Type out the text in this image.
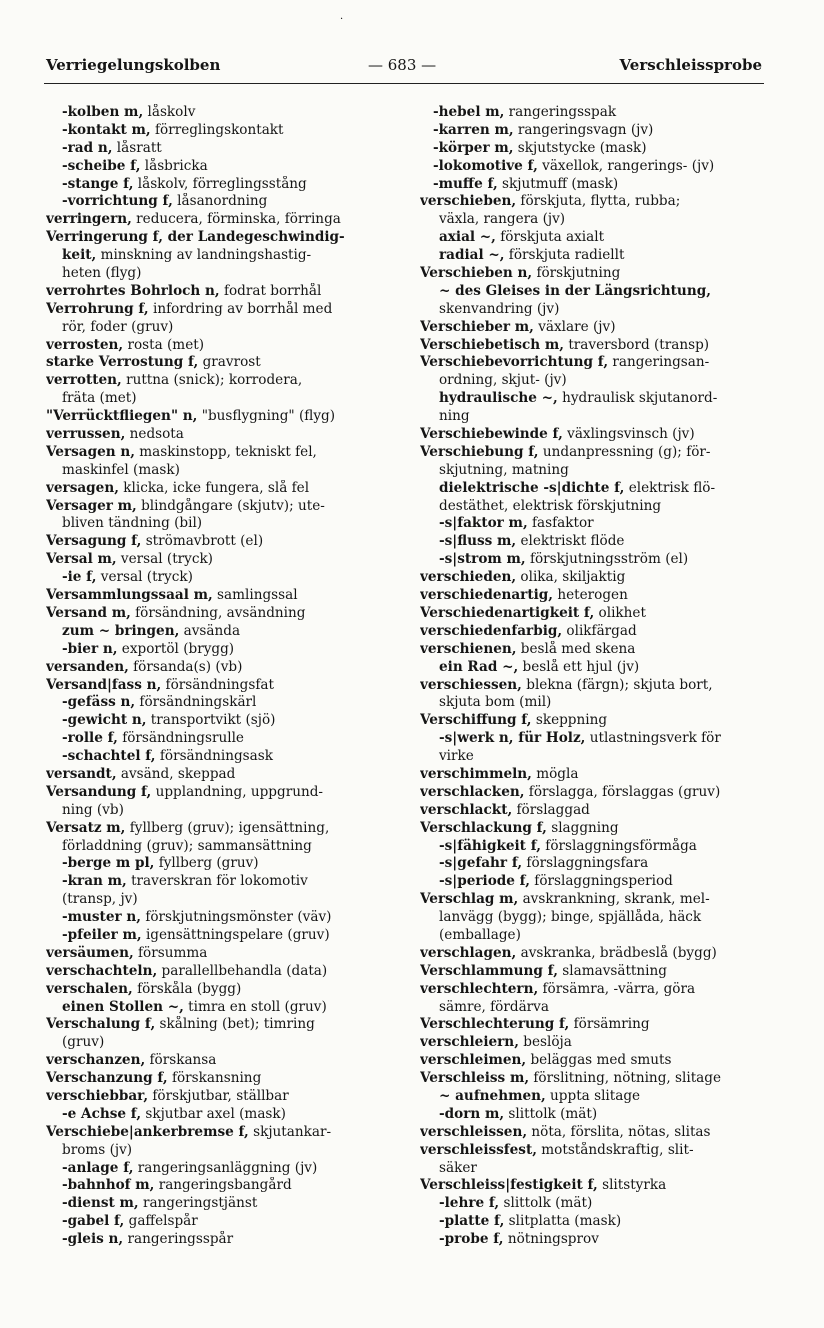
·
Verriegelungskolben	— 683 —	Verschleissprobe
-kolben m, låskolv
-kontakt m, förreglingskontakt
-rad n, låsratt
-scheibe f, låsbricka
-stange f, låskolv, förreglingsstång
-vorrichtung f, låsanordning
verringern, reducera, förminska, förringa
Verringerung f, der Landegeschwindig-
keit, minskning av landningshastig-
heten (flyg)
verrohrtes Bohrloch n, fodrat borrhål
Verrohrung f, infordring av borrhål med
rör, foder (gruv)
verrosten, rosta (met)
starke Verrostung f, gravrost
verrotten, ruttna (snick); korrodera,
fräta (met)
"Verrücktfliegen" n, "busflygning" (flyg)
verrussen, nedsota
Versagen n, maskinstopp, tekniskt fel,
maskinfel (mask)
versagen, klicka, icke fungera, slå fel
Versager m, blindgångare (skjutv); ute-
bliven tändning (bil)
Versagung f, strömavbrott (el)
Versal m, versal (tryck)
-ie f, versal (tryck)
Versammlungssaal m, samlingssal
Versand m, försändning, avsändning
zum ~ bringen, avsända
-bier n, exportöl (brygg)
versanden, försanda(s) (vb)
Versand|fass n, försändningsfat
-gefäss n, försändningskärl
-gewicht n, transportvikt (sjö)
-rolle f, försändningsrulle
-schachtel f, försändningsask
versandt, avsänd, skeppad
Versandung f, upplandning, uppgrund-
ning (vb)
Versatz m, fyllberg (gruv); igensättning,
förladdning (gruv); sammansättning
-berge m pl, fyllberg (gruv)
-kran m, traverskran för lokomotiv
(transp, jv)
-muster n, förskjutningsmönster (väv)
-pfeiler m, igensättningspelare (gruv)
versäumen, försumma
verschachteln, parallellbehandla (data)
verschalen, förskåla (bygg)
einen Stollen ~, timra en stoll (gruv)
Verschalung f, skålning (bet); timring
(gruv)
verschanzen, förskansa
Verschanzung f, förskansning
verschiebbar, förskjutbar, ställbar
-e Achse f, skjutbar axel (mask)
Verschiebe|ankerbremse f, skjutankar-
broms (jv)
-anlage f, rangeringsanläggning (jv)
-bahnhof m, rangeringsbangård
-dienst m, rangeringstjänst
-gabel f, gaffelspår
-gleis n, rangeringsspår
-hebel m, rangeringsspak
-karren m, rangeringsvagn (jv)
-körper m, skjutstycke (mask)
-lokomotive f, växellok, rangerings- (jv)
-muffe f, skjutmuff (mask)
verschieben, förskjuta, flytta, rubba;
växla, rangera (jv)
axial ~, förskjuta axialt
radial ~, förskjuta radiellt
Verschieben n, förskjutning
~ des Gleises in der Längsrichtung,
skenvandring (jv)
Verschieber m, växlare (jv)
Verschiebetisch m, traversbord (transp)
Verschiebevorrichtung f, rangeringsan-
ordning, skjut- (jv)
hydraulische ~, hydraulisk skjutanord-
ning
Verschiebewinde f, växlingsvinsch (jv)
Verschiebung f, undanpressning (g); för-
skjutning, matning
dielektrische -s|dichte f, elektrisk flö-
destäthet, elektrisk förskjutning
-s|faktor m, fasfaktor
-s|fluss m, elektriskt flöde
-s|strom m, förskjutningsström (el)
verschieden, olika, skiljaktig
verschiedenartig, heterogen
Verschiedenartigkeit f, olikhet
verschiedenfarbig, olikfärgad
verschienen, beslå med skena
ein Rad ~, beslå ett hjul (jv)
verschiessen, blekna (färgn); skjuta bort,
skjuta bom (mil)
Verschiffung f, skeppning
-s|werk n, für Holz, utlastningsverk för
virke
verschimmeln, mögla
verschlacken, förslagga, förslaggas (gruv)
verschlackt, förslaggad
Verschlackung f, slaggning
-s|fähigkeit f, förslaggningsförmåga
-s|gefahr f, förslaggningsfara
-s|periode f, förslaggningsperiod
Verschlag m, avskrankning, skrank, mel-
lanvägg (bygg); binge, spjällåda, häck
(emballage)
verschlagen, avskranka, brädbeslå (bygg)
Verschlammung f, slamavsättning
verschlechtern, försämra, -värra, göra
sämre, fördärva
Verschlechterung f, försämring
verschleiern, beslöja
verschleimen, beläggas med smuts
Verschleiss m, förslitning, nötning, slitage
~ aufnehmen, uppta slitage
-dorn m, slittolk (mät)
verschleissen, nöta, förslita, nötas, slitas
verschleissfest, motståndskraftig, slit-
säker
Verschleiss|festigkeit f, slitstyrka
-lehre f, slittolk (mät)
-platte f, slitplatta (mask)
-probe f, nötningsprov
